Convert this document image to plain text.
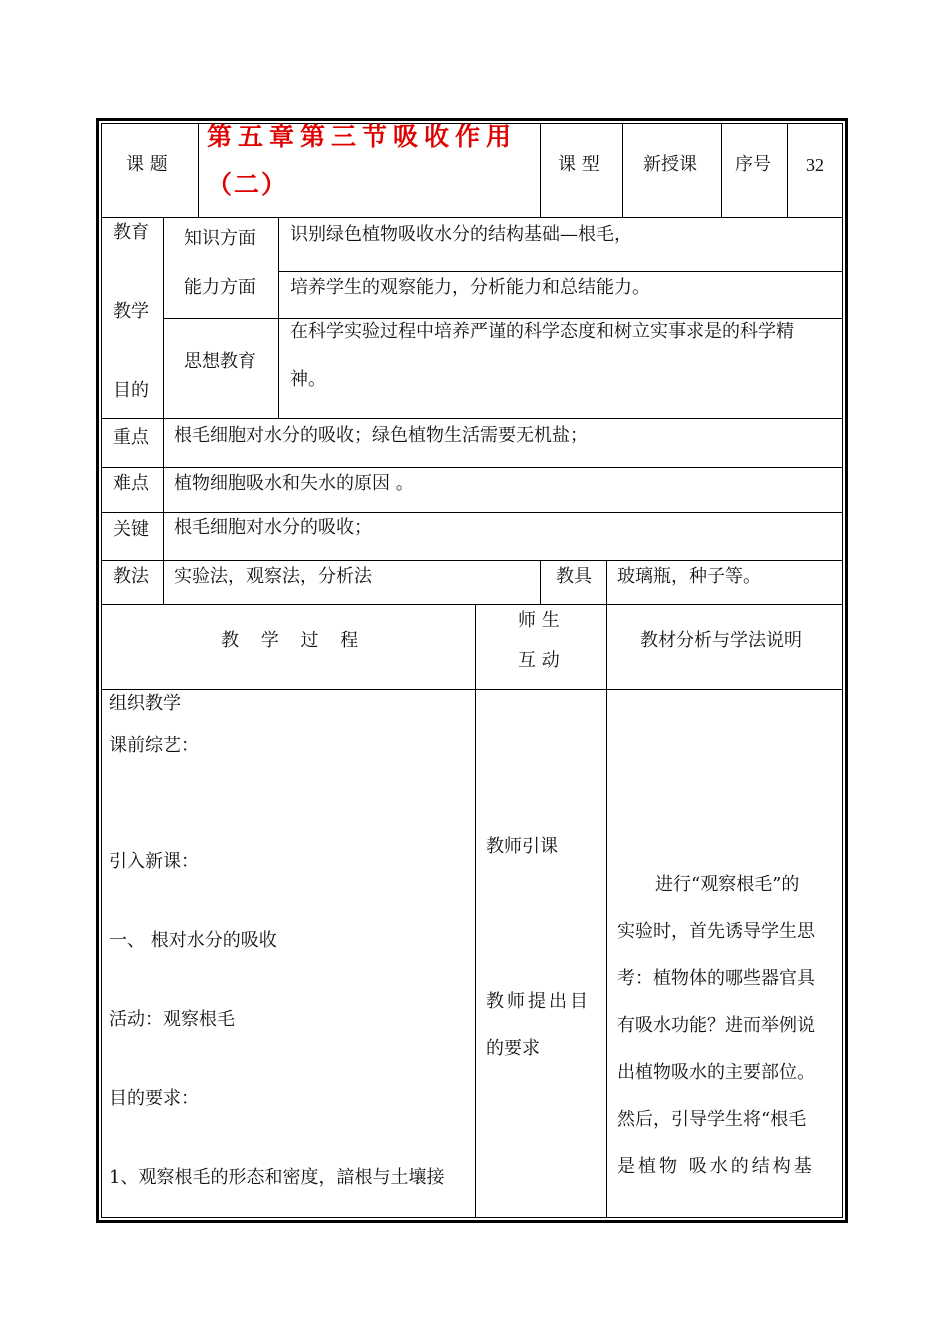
课 题
第五章第三节吸收作用
（二）
课 型 新授课 序号 32
教育
教学
目的
知识方面 识别绿色植物吸收水分的结构基础—根毛，
能力方面 培养学生的观察能力，分析能力和总结能力。
思想教育
在科学实验过程中培养严谨的科学态度和树立实事求是的科学精
神。
重点 根毛细胞对水分的吸收；绿色植物生活需要无机盐；
难点 植物细胞吸水和失水的原因 。
关键 根毛细胞对水分的吸收；
教法 实验法，观察法，分析法	教具 玻璃瓶，种子等。
教 学 过 程
师 生
互 动
教材分析与学法说明
组织教学
课前综艺：
引入新课：
一、 根对水分的吸收
活动：观察根毛
目的要求：
1、观察根毛的形态和密度，諳根与土壤接
教师引课
教师提出目
的要求
进行“观察根毛”的
实验时，首先诱导学生思
考：植物体的哪些器官具
有吸水功能？进而举例说
出植物吸水的主要部位。
然后，引导学生将“根毛
是植物 吸水的结构基
